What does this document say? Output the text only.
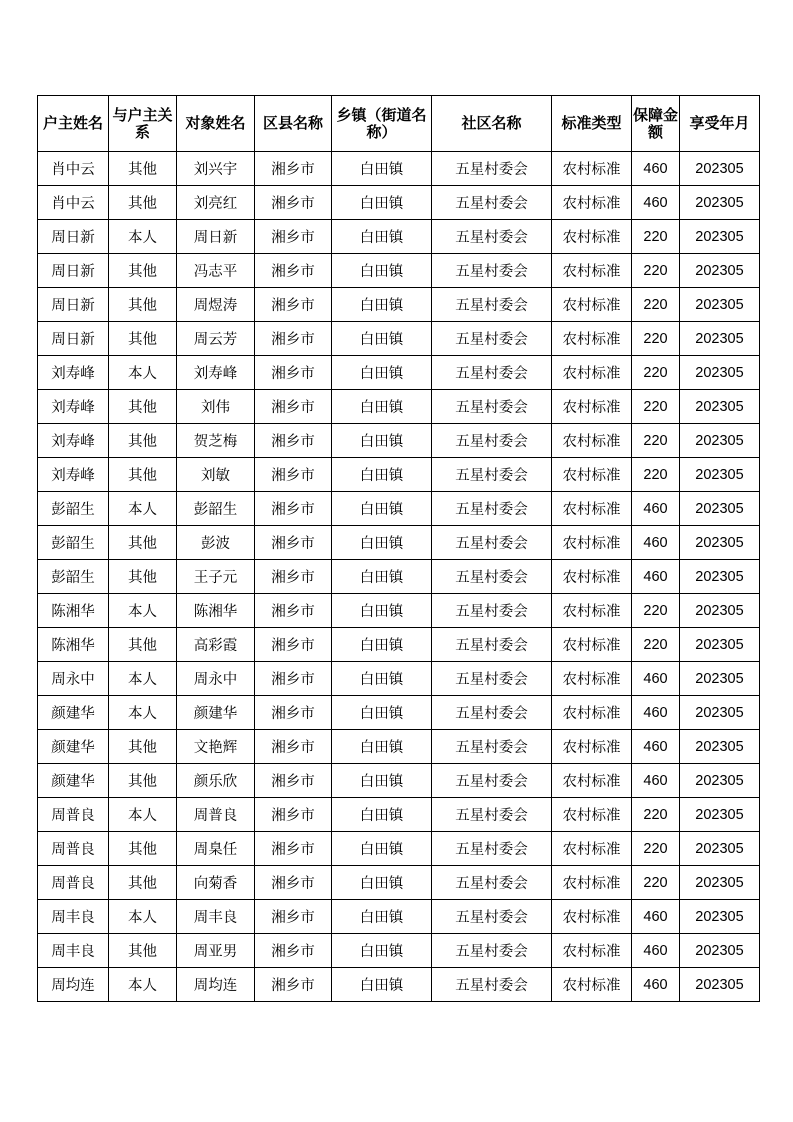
户主姓名	与户主关系	对象姓名	区县名称	乡镇（街道名称）	社区名称	标准类型	保障金额	享受年月
肖中云	其他	刘兴宇	湘乡市	白田镇	五星村委会	农村标准	460	202305
肖中云	其他	刘亮红	湘乡市	白田镇	五星村委会	农村标准	460	202305
周日新	本人	周日新	湘乡市	白田镇	五星村委会	农村标准	220	202305
周日新	其他	冯志平	湘乡市	白田镇	五星村委会	农村标准	220	202305
周日新	其他	周煜涛	湘乡市	白田镇	五星村委会	农村标准	220	202305
周日新	其他	周云芳	湘乡市	白田镇	五星村委会	农村标准	220	202305
刘寿峰	本人	刘寿峰	湘乡市	白田镇	五星村委会	农村标准	220	202305
刘寿峰	其他	刘伟	湘乡市	白田镇	五星村委会	农村标准	220	202305
刘寿峰	其他	贺芝梅	湘乡市	白田镇	五星村委会	农村标准	220	202305
刘寿峰	其他	刘敏	湘乡市	白田镇	五星村委会	农村标准	220	202305
彭韶生	本人	彭韶生	湘乡市	白田镇	五星村委会	农村标准	460	202305
彭韶生	其他	彭波	湘乡市	白田镇	五星村委会	农村标准	460	202305
彭韶生	其他	王子元	湘乡市	白田镇	五星村委会	农村标准	460	202305
陈湘华	本人	陈湘华	湘乡市	白田镇	五星村委会	农村标准	220	202305
陈湘华	其他	高彩霞	湘乡市	白田镇	五星村委会	农村标准	220	202305
周永中	本人	周永中	湘乡市	白田镇	五星村委会	农村标准	460	202305
颜建华	本人	颜建华	湘乡市	白田镇	五星村委会	农村标准	460	202305
颜建华	其他	文艳辉	湘乡市	白田镇	五星村委会	农村标准	460	202305
颜建华	其他	颜乐欣	湘乡市	白田镇	五星村委会	农村标准	460	202305
周普良	本人	周普良	湘乡市	白田镇	五星村委会	农村标准	220	202305
周普良	其他	周臬任	湘乡市	白田镇	五星村委会	农村标准	220	202305
周普良	其他	向菊香	湘乡市	白田镇	五星村委会	农村标准	220	202305
周丰良	本人	周丰良	湘乡市	白田镇	五星村委会	农村标准	460	202305
周丰良	其他	周亚男	湘乡市	白田镇	五星村委会	农村标准	460	202305
周均连	本人	周均连	湘乡市	白田镇	五星村委会	农村标准	460	202305
